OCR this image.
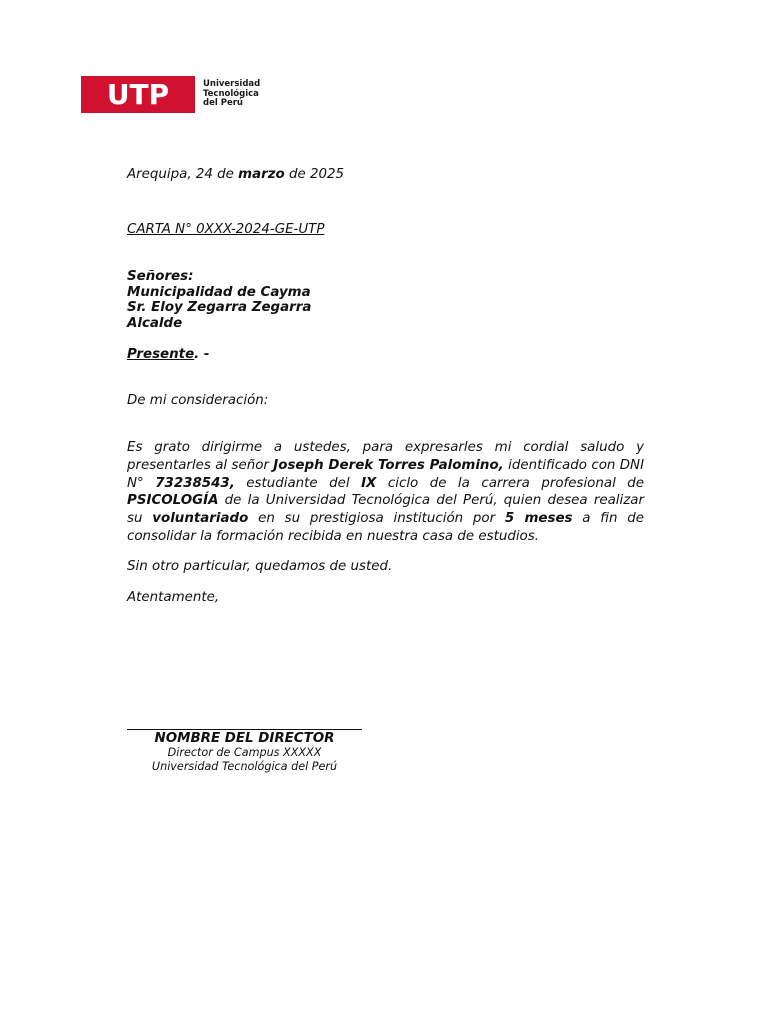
UTP	Universidad
Tecnológica
del Perú
Arequipa, 24 de marzo de 2025
CARTA N° 0XXX-2024-GE-UTP
Señores:
Municipalidad de Cayma
Sr. Eloy Zegarra Zegarra
Alcalde
Presente. -
De mi consideración:
Es grato dirigirme a ustedes, para expresarles mi cordial saludo y presentarles al señor Joseph Derek Torres Palomino, identificado con DNI N° 73238543, estudiante del IX ciclo de la carrera profesional de PSICOLOGÍA de la Universidad Tecnológica del Perú, quien desea realizar su voluntariado en su prestigiosa institución por 5 meses a fin de consolidar la formación recibida en nuestra casa de estudios.
Sin otro particular, quedamos de usted.
Atentamente,
NOMBRE DEL DIRECTOR
Director de Campus XXXXX
Universidad Tecnológica del Perú
